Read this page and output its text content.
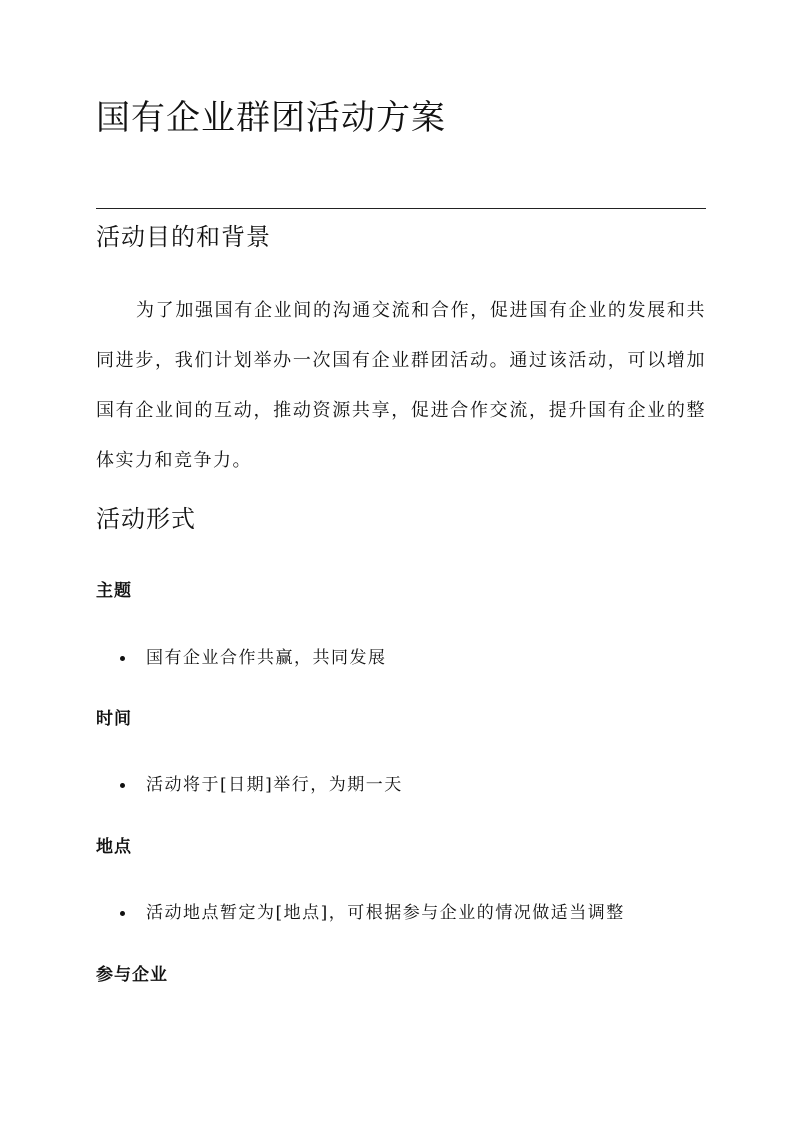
国有企业群团活动方案
活动目的和背景

为了加强国有企业间的沟通交流和合作，促进国有企业的发展和共同进步，我们计划举办一次国有企业群团活动。通过该活动，可以增加国有企业间的互动，推动资源共享，促进合作交流，提升国有企业的整体实力和竞争力。

活动形式
主题
国有企业合作共赢，共同发展
时间
活动将于[日期]举行，为期一天
地点
活动地点暂定为[地点]，可根据参与企业的情况做适当调整
参与企业
